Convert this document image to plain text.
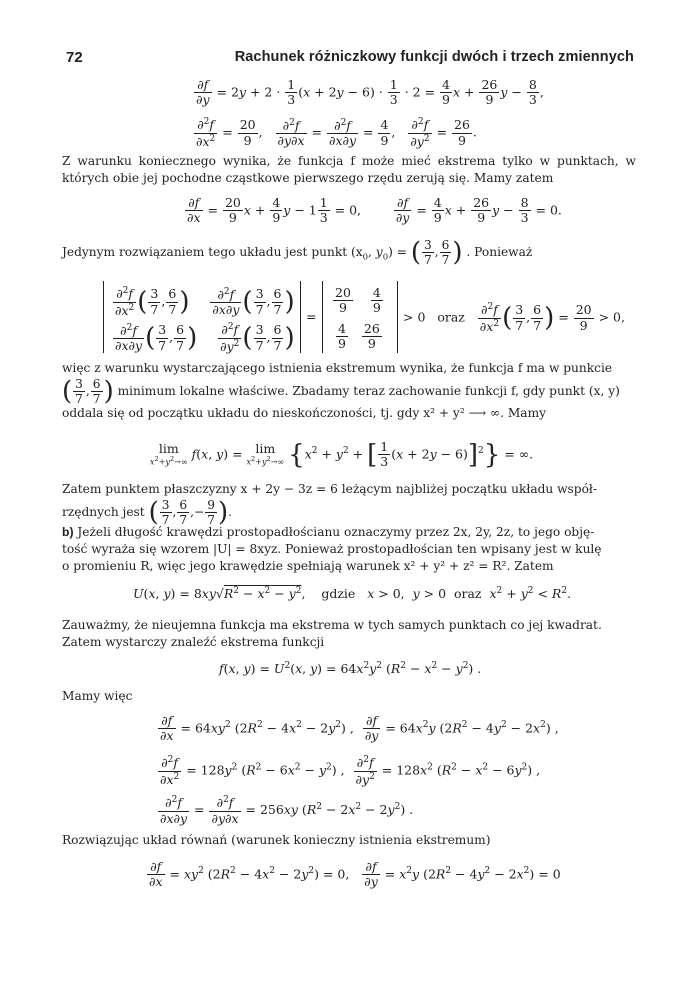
72	Rachunek różniczkowy funkcji dwóch i trzech zmiennych
$\frac{\partial f}{\partial y} = 2y + 2 \cdot \frac{1}{3} (x + 2y - 6) \cdot \frac{1}{3} \cdot 2 = \frac{4}{9}$ $x + \frac{26}{9}$ $y - \frac{8}{3}$ ,
$\frac{\partial^2f}{\partial x^2} = \frac{20}{9}$ , $\frac{\partial^2f}{\partial y\partial x} = \frac{\partial^2f}{\partial x\partial y} = \frac{4}{9}$ , $\frac{\partial^2f}{\partial y^2} = \frac{26}{9}$ .
Z warunku koniecznego wynika, że funkcja f może mieć ekstrema tylko w punktach, w których obie jej pochodne cząstkowe pierwszego rzędu zerują się. Mamy zatem
$\frac{\partial f}{\partial x} = \frac{20}{9}$ $x + \frac{4}{9}$ $y - 1 \frac{1}{3} = 0$, $\frac{\partial f}{\partial y} = \frac{4}{9}$ $x + \frac{26}{9}$ $y - \frac{8}{3} = 0$.
Jedynym rozwiązaniem tego układu jest punkt ($x_0$, $y_0$) = ( $\frac{3}{7}$ , $\frac{6}{7}$ ) . Ponieważ
$\frac{\partial^2f}{\partial x^2}$ ( $\frac{3}{7}$ , $\frac{6}{7}$ ) $\frac{\partial^2f}{\partial x\partial y}$ ( $\frac{3}{7}$ , $\frac{6}{7}$ )
$\frac{\partial^2f}{\partial x\partial y}$ ( $\frac{3}{7}$ , $\frac{6}{7}$ ) $\frac{\partial^2f}{\partial y^2}$ ( $\frac{3}{7}$ , $\frac{6}{7}$ )
=
$\frac{20}{9}$
$\frac{4}{9}$
$\frac{4}{9}$
$\frac{26}{9}$
> 0   oraz $\frac{\partial^2f}{\partial x^2}$ ( $\frac{3}{7}$ , $\frac{6}{7}$ ) = $\frac{20}{9} > 0$,
więc z warunku wystarczającego istnienia ekstremum wynika, że funkcja f ma w punkcie
( $\frac{3}{7}$ , $\frac{6}{7}$ ) minimum lokalne właściwe. Zbadamy teraz zachowanie funkcji f, gdy punkt (x, y)
oddala się od początku układu do nieskończoności, tj. gdy x² + y² ⟶ ∞. Mamy
lim
$x^2+y^2\to\infty$
f(x, y) = lim
$x^2+y^2\to\infty$ {$x^2 + y^2$ + [ $\frac{1}{3} (x + 2y - 6)]^2$} = ∞.
Zatem punktem płaszczyzny x + 2y − 3z = 6 leżącym najbliżej początku układu współ-
rzędnych jest ( $\frac{3}{7}$ , $\frac{6}{7}$ ,− $\frac{9}{7}$ ).
b) Jeżeli długość krawędzi prostopadłościanu oznaczymy przez 2x, 2y, 2z, to jego obję-
tość wyraża się wzorem |U| = 8xyz. Ponieważ prostopadłościan ten wpisany jest w kulę
o promieniu R, więc jego krawędzie spełniają warunek x² + y² + z² = R². Zatem
U(x, $y) = 8xy√R^2 - x^2 - y^2$,    gdzie x > 0,  y > 0  oraz  $x^2 + y^2 < R^2$.
Zauważmy, że nieujemna funkcja ma ekstrema w tych samych punktach co jej kwadrat.
Zatem wystarczy znaleźć ekstrema funkcji
f(x, $y) = U^2(x$, $y) = 64x^2y^2$ $(R^2 - x^2 - y^2)$ .
Mamy więc
$\frac{\partial f}{\partial x} = 64xy^2$ $(2R^2 - 4x^2 - 2y^2)$ , $\frac{\partial f}{\partial y} = 64x^2y$ $(2R^2 - 4y^2 - 2x^2)$ ,
$\frac{\partial^2f}{\partial x^2} = 128y^2$ $(R^2 - 6x^2 - y^2)$ , $\frac{\partial^2f}{\partial y^2} = 128x^2$ $(R^2 - x^2 - 6y^2)$ ,
$\frac{\partial^2f}{\partial x\partial y} = \frac{\partial^2f}{\partial y\partial x} = 256xy$ $(R^2 - 2x^2 - 2y^2)$ .
Rozwiązując układ równań (warunek konieczny istnienia ekstremum)
$\frac{\partial f}{\partial x} = xy^2$ $(2R^2 - 4x^2 - 2y^2) = 0$, $\frac{\partial f}{\partial y} = x^2y$ $(2R^2 - 4y^2 - 2x^2) = 0$
